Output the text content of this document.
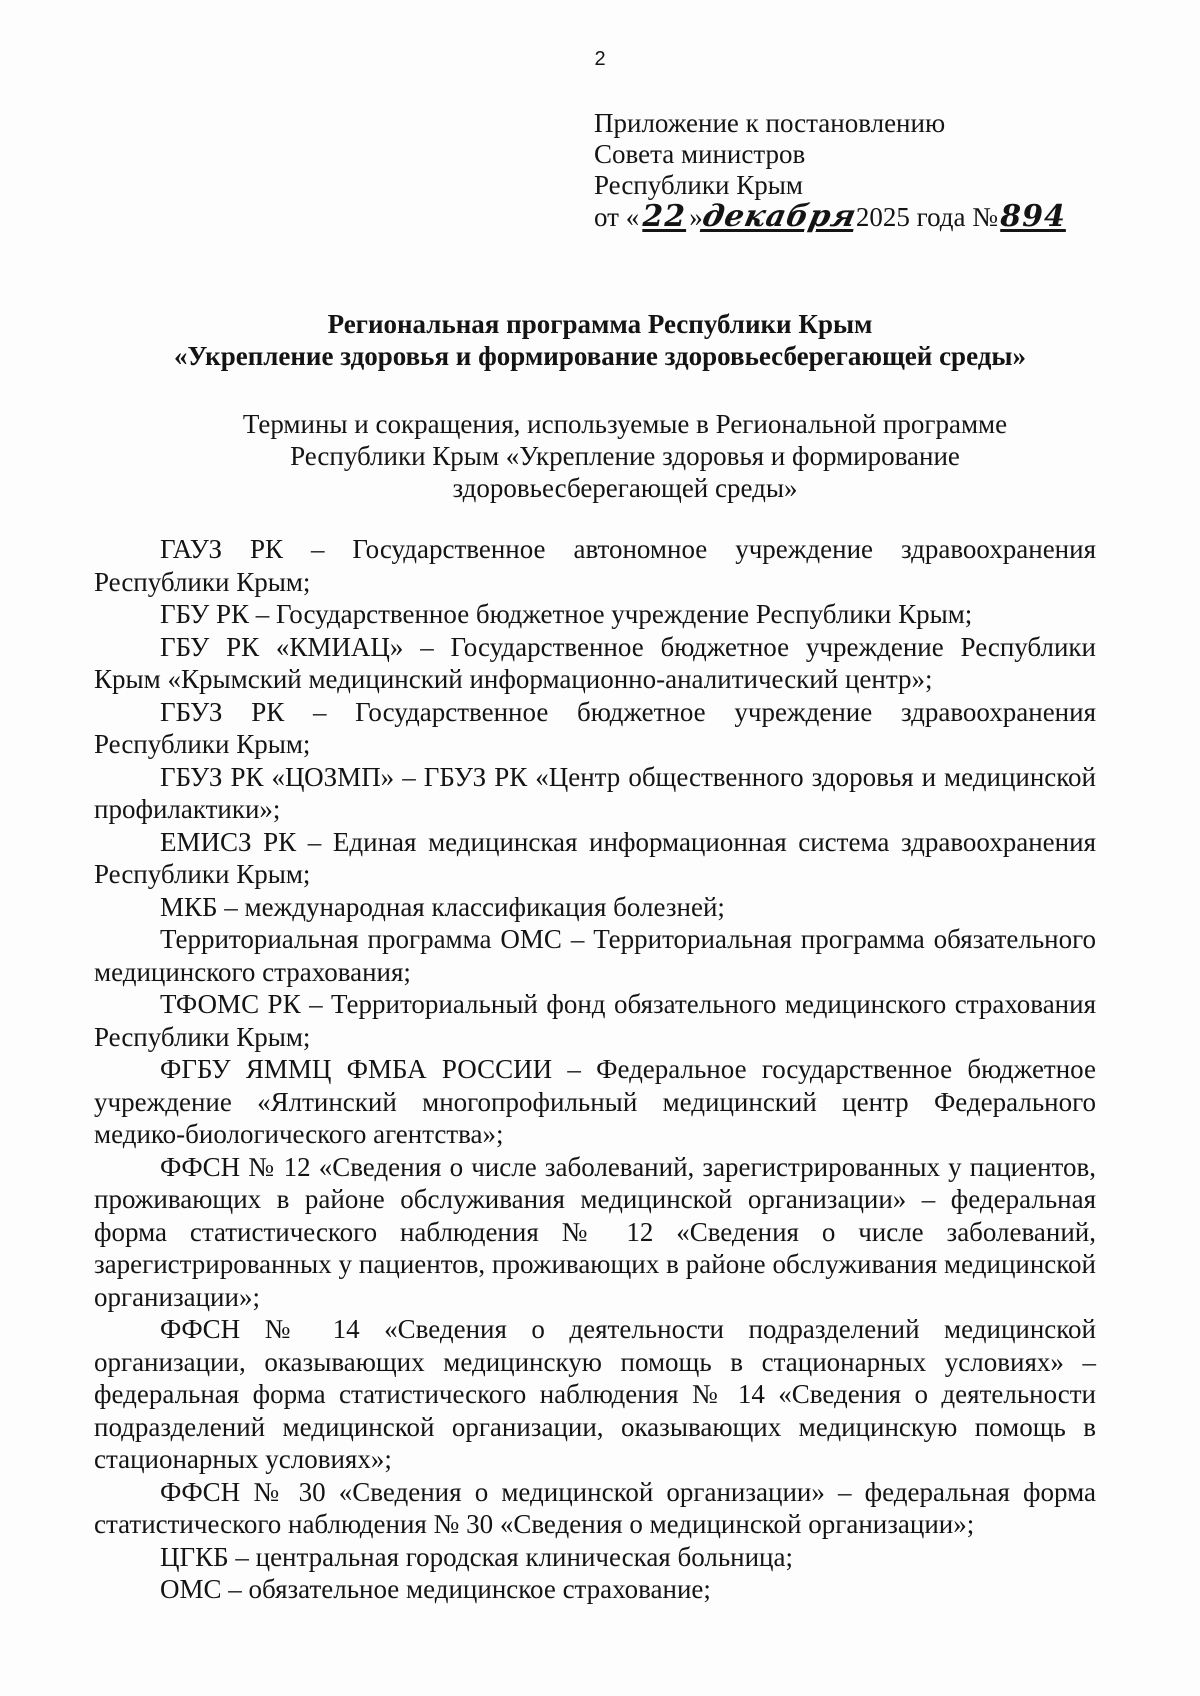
2
Приложение к постановлению
Совета министров
Республики Крым
от « 22 »декабря2025 года №894
Региональная программа Республики Крым
«Укрепление здоровья и формирование здоровьесберегающей среды»
Термины и сокращения, используемые в Региональной программе
Республики Крым «Укрепление здоровья и формирование
здоровьесберегающей среды»

ГАУЗ РК – Государственное автономное учреждение здравоохранения Республики Крым;

ГБУ РК – Государственное бюджетное учреждение Республики Крым;

ГБУ РК «КМИАЦ» – Государственное бюджетное учреждение Республики Крым «Крымский медицинский информационно-аналитический центр»;

ГБУЗ РК – Государственное бюджетное учреждение здравоохранения Республики Крым;

ГБУЗ РК «ЦОЗМП» – ГБУЗ РК «Центр общественного здоровья и медицинской профилактики»;

ЕМИСЗ РК – Единая медицинская информационная система здравоохранения Республики Крым;

МКБ – международная классификация болезней;

Территориальная программа ОМС – Территориальная программа обязательного медицинского страхования;

ТФОМС РК – Территориальный фонд обязательного медицинского страхования Республики Крым;

ФГБУ ЯММЦ ФМБА РОССИИ – Федеральное государственное бюджетное учреждение «Ялтинский многопрофильный медицинский центр Федерального медико-биологического агентства»;

ФФСН № 12 «Сведения о числе заболеваний, зарегистрированных у пациентов, проживающих в районе обслуживания медицинской организации» – федеральная форма статистического наблюдения № 12 «Сведения о числе заболеваний, зарегистрированных у пациентов, проживающих в районе обслуживания медицинской организации»;

ФФСН № 14 «Сведения о деятельности подразделений медицинской организации, оказывающих медицинскую помощь в стационарных условиях» – федеральная форма статистического наблюдения № 14 «Сведения о деятельности подразделений медицинской организации, оказывающих медицинскую помощь в стационарных условиях»;

ФФСН № 30 «Сведения о медицинской организации» – федеральная форма статистического наблюдения № 30 «Сведения о медицинской организации»;

ЦГКБ – центральная городская клиническая больница;

ОМС – обязательное медицинское страхование;
